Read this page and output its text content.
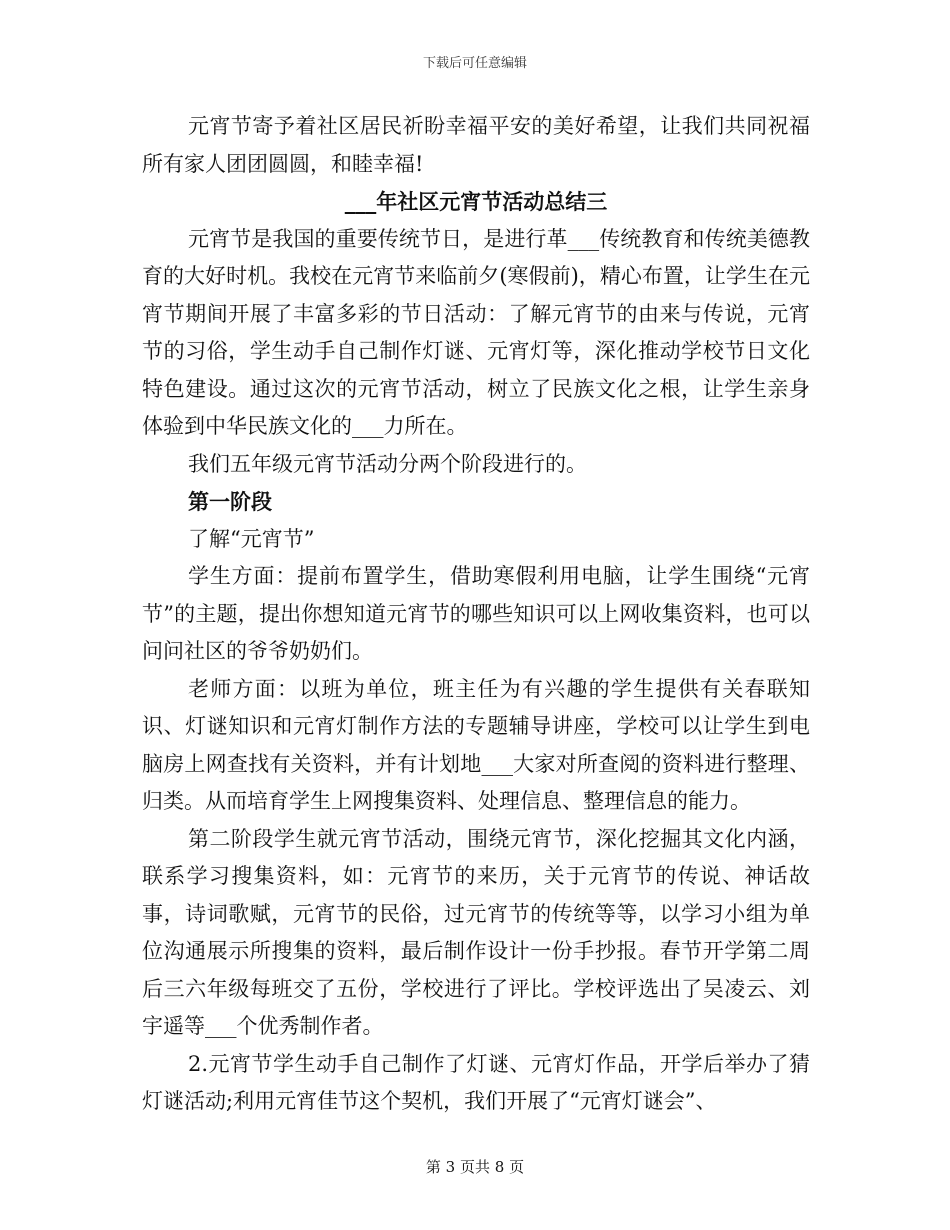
下载后可任意编辑

元宵节寄予着社区居民祈盼幸福平安的美好希望，让我们共同祝福所有家人团团圆圆，和睦幸福!

___年社区元宵节活动总结三

元宵节是我国的重要传统节日，是进行革___传统教育和传统美德教育的大好时机。我校在元宵节来临前夕(寒假前)，精心布置，让学生在元宵节期间开展了丰富多彩的节日活动：了解元宵节的由来与传说，元宵节的习俗，学生动手自己制作灯谜、元宵灯等，深化推动学校节日文化特色建设。通过这次的元宵节活动，树立了民族文化之根，让学生亲身体验到中华民族文化的___力所在。

我们五年级元宵节活动分两个阶段进行的。

第一阶段

了解“元宵节”

学生方面：提前布置学生，借助寒假利用电脑，让学生围绕“元宵节”的主题，提出你想知道元宵节的哪些知识可以上网收集资料，也可以问问社区的爷爷奶奶们。

老师方面：以班为单位，班主任为有兴趣的学生提供有关春联知识、灯谜知识和元宵灯制作方法的专题辅导讲座，学校可以让学生到电脑房上网查找有关资料，并有计划地___大家对所查阅的资料进行整理、归类。从而培育学生上网搜集资料、处理信息、整理信息的能力。

第二阶段学生就元宵节活动，围绕元宵节，深化挖掘其文化内涵，联系学习搜集资料，如：元宵节的来历，关于元宵节的传说、神话故事，诗词歌赋，元宵节的民俗，过元宵节的传统等等，以学习小组为单位沟通展示所搜集的资料，最后制作设计一份手抄报。春节开学第二周后三六年级每班交了五份，学校进行了评比。学校评选出了吴凌云、刘宇遥等___个优秀制作者。

2.元宵节学生动手自己制作了灯谜、元宵灯作品，开学后举办了猜灯谜活动;利用元宵佳节这个契机，我们开展了“元宵灯谜会”、

第 3 页共 8 页
